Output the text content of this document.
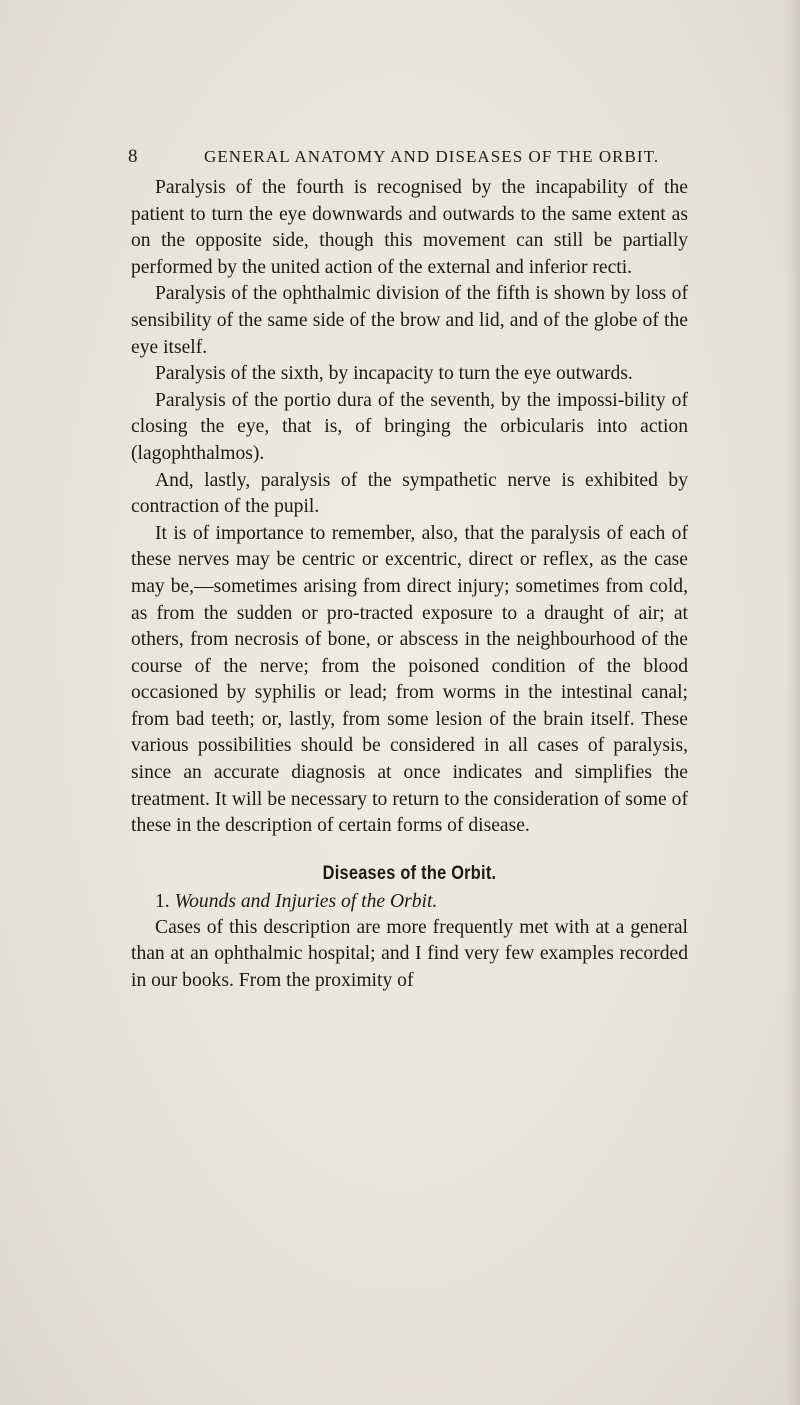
8	GENERAL ANATOMY AND DISEASES OF THE ORBIT.

Paralysis of the fourth is recognised by the incapability of the patient to turn the eye downwards and outwards to the same extent as on the opposite side, though this movement can still be partially performed by the united action of the external and inferior recti.

Paralysis of the ophthalmic division of the fifth is shown by loss of sensibility of the same side of the brow and lid, and of the globe of the eye itself.

Paralysis of the sixth, by incapacity to turn the eye outwards.

Paralysis of the portio dura of the seventh, by the impossi-bility of closing the eye, that is, of bringing the orbicularis into action (lagophthalmos).

And, lastly, paralysis of the sympathetic nerve is exhibited by contraction of the pupil.

It is of importance to remember, also, that the paralysis of each of these nerves may be centric or excentric, direct or reflex, as the case may be,—sometimes arising from direct injury; sometimes from cold, as from the sudden or pro-tracted exposure to a draught of air; at others, from necrosis of bone, or abscess in the neighbourhood of the course of the nerve; from the poisoned condition of the blood occasioned by syphilis or lead; from worms in the intestinal canal; from bad teeth; or, lastly, from some lesion of the brain itself. These various possibilities should be considered in all cases of paralysis, since an accurate diagnosis at once indicates and simplifies the treatment. It will be necessary to return to the consideration of some of these in the description of certain forms of disease.

Diseases of the Orbit.

1. Wounds and Injuries of the Orbit.

Cases of this description are more frequently met with at a general than at an ophthalmic hospital; and I find very few examples recorded in our books. From the proximity of
